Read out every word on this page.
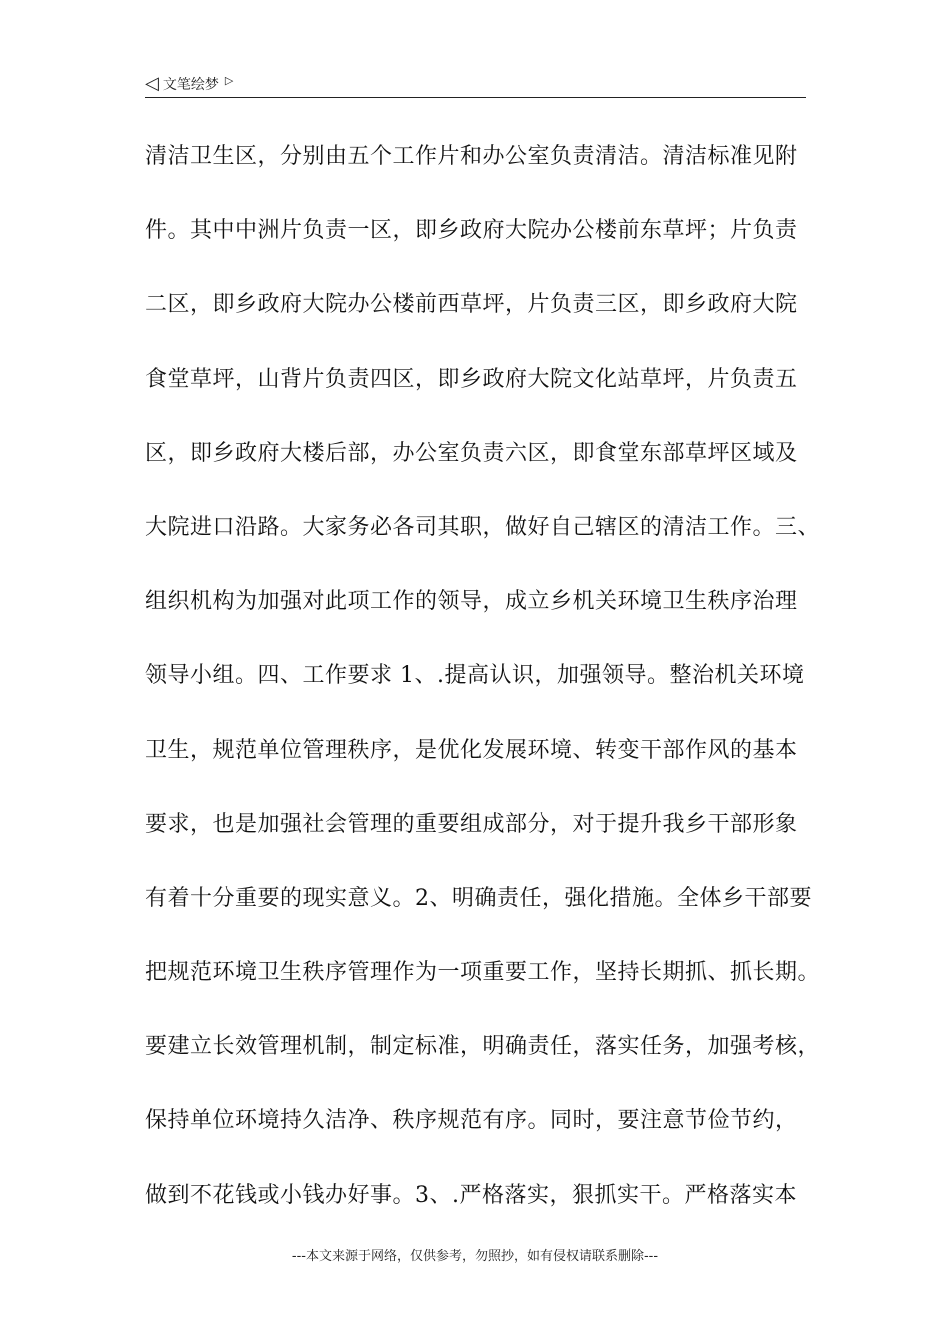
◁ 文笔绘梦 ▷
清洁卫生区，分别由五个工作片和办公室负责清洁。清洁标准见附
件。其中中洲片负责一区，即乡政府大院办公楼前东草坪；片负责
二区，即乡政府大院办公楼前西草坪，片负责三区，即乡政府大院
食堂草坪，山背片负责四区，即乡政府大院文化站草坪，片负责五
区，即乡政府大楼后部，办公室负责六区，即食堂东部草坪区域及
大院进口沿路。大家务必各司其职，做好自己辖区的清洁工作。三、
组织机构为加强对此项工作的领导，成立乡机关环境卫生秩序治理
领导小组。四、工作要求 1、.提高认识，加强领导。整治机关环境
卫生，规范单位管理秩序，是优化发展环境、转变干部作风的基本
要求，也是加强社会管理的重要组成部分，对于提升我乡干部形象
有着十分重要的现实意义。2、明确责任，强化措施。全体乡干部要
把规范环境卫生秩序管理作为一项重要工作，坚持长期抓、抓长期。
要建立长效管理机制，制定标准，明确责任，落实任务，加强考核，
保持单位环境持久洁净、秩序规范有序。同时，要注意节俭节约，
做到不花钱或小钱办好事。3、.严格落实，狠抓实干。严格落实本
---本文来源于网络，仅供参考，勿照抄，如有侵权请联系删除---
